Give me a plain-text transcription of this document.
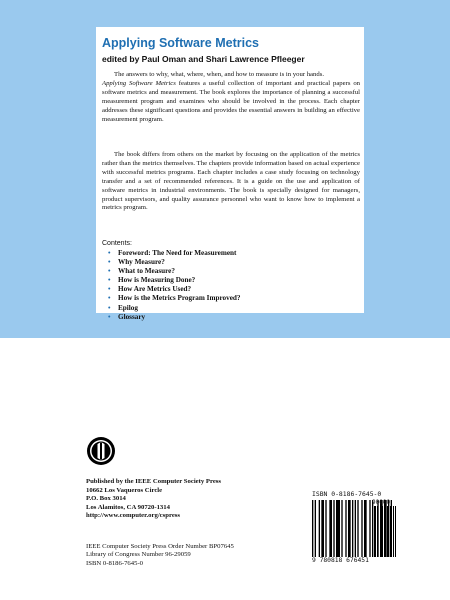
Applying Software Metrics
edited by Paul Oman and Shari Lawrence Pfleeger
The answers to why, what, where, when, and how to measure is in your hands.
Applying Software Metrics features a useful collection of important and practical papers on software metrics and measurement. The book explores the importance of planning a successful measurement program and examines who should be involved in the process. Each chapter addresses these significant questions and provides the essential answers in building an effective measurement program.
The book differs from others on the market by focusing on the application of the metrics rather than the metrics themselves. The chapters provide information based on actual experience with successful metrics programs. Each chapter includes a case study focusing on technology transfer and a set of recommended references. It is a guide on the use and application of software metrics in industrial environments. The book is specially designed for managers, product supervisors, and quality assurance personnel who want to know how to implement a metrics program.
Contents:
• Foreword: The Need for Measurement
• Why Measure?
• What to Measure?
• How is Measuring Done?
• How Are Metrics Used?
• How is the Metrics Program Improved?
• Epilog
• Glossary
Published by the IEEE Computer Society Press
10662 Los Vaqueros Circle
P.O. Box 3014
Los Alamitos, CA 90720-1314
http://www.computer.org/cspress
IEEE Computer Society Press Order Number BP07645
Library of Congress Number 96-29059
ISBN 0-8186-7645-0
ISBN 0-8186-7645-0
90000
9 780818 676451
